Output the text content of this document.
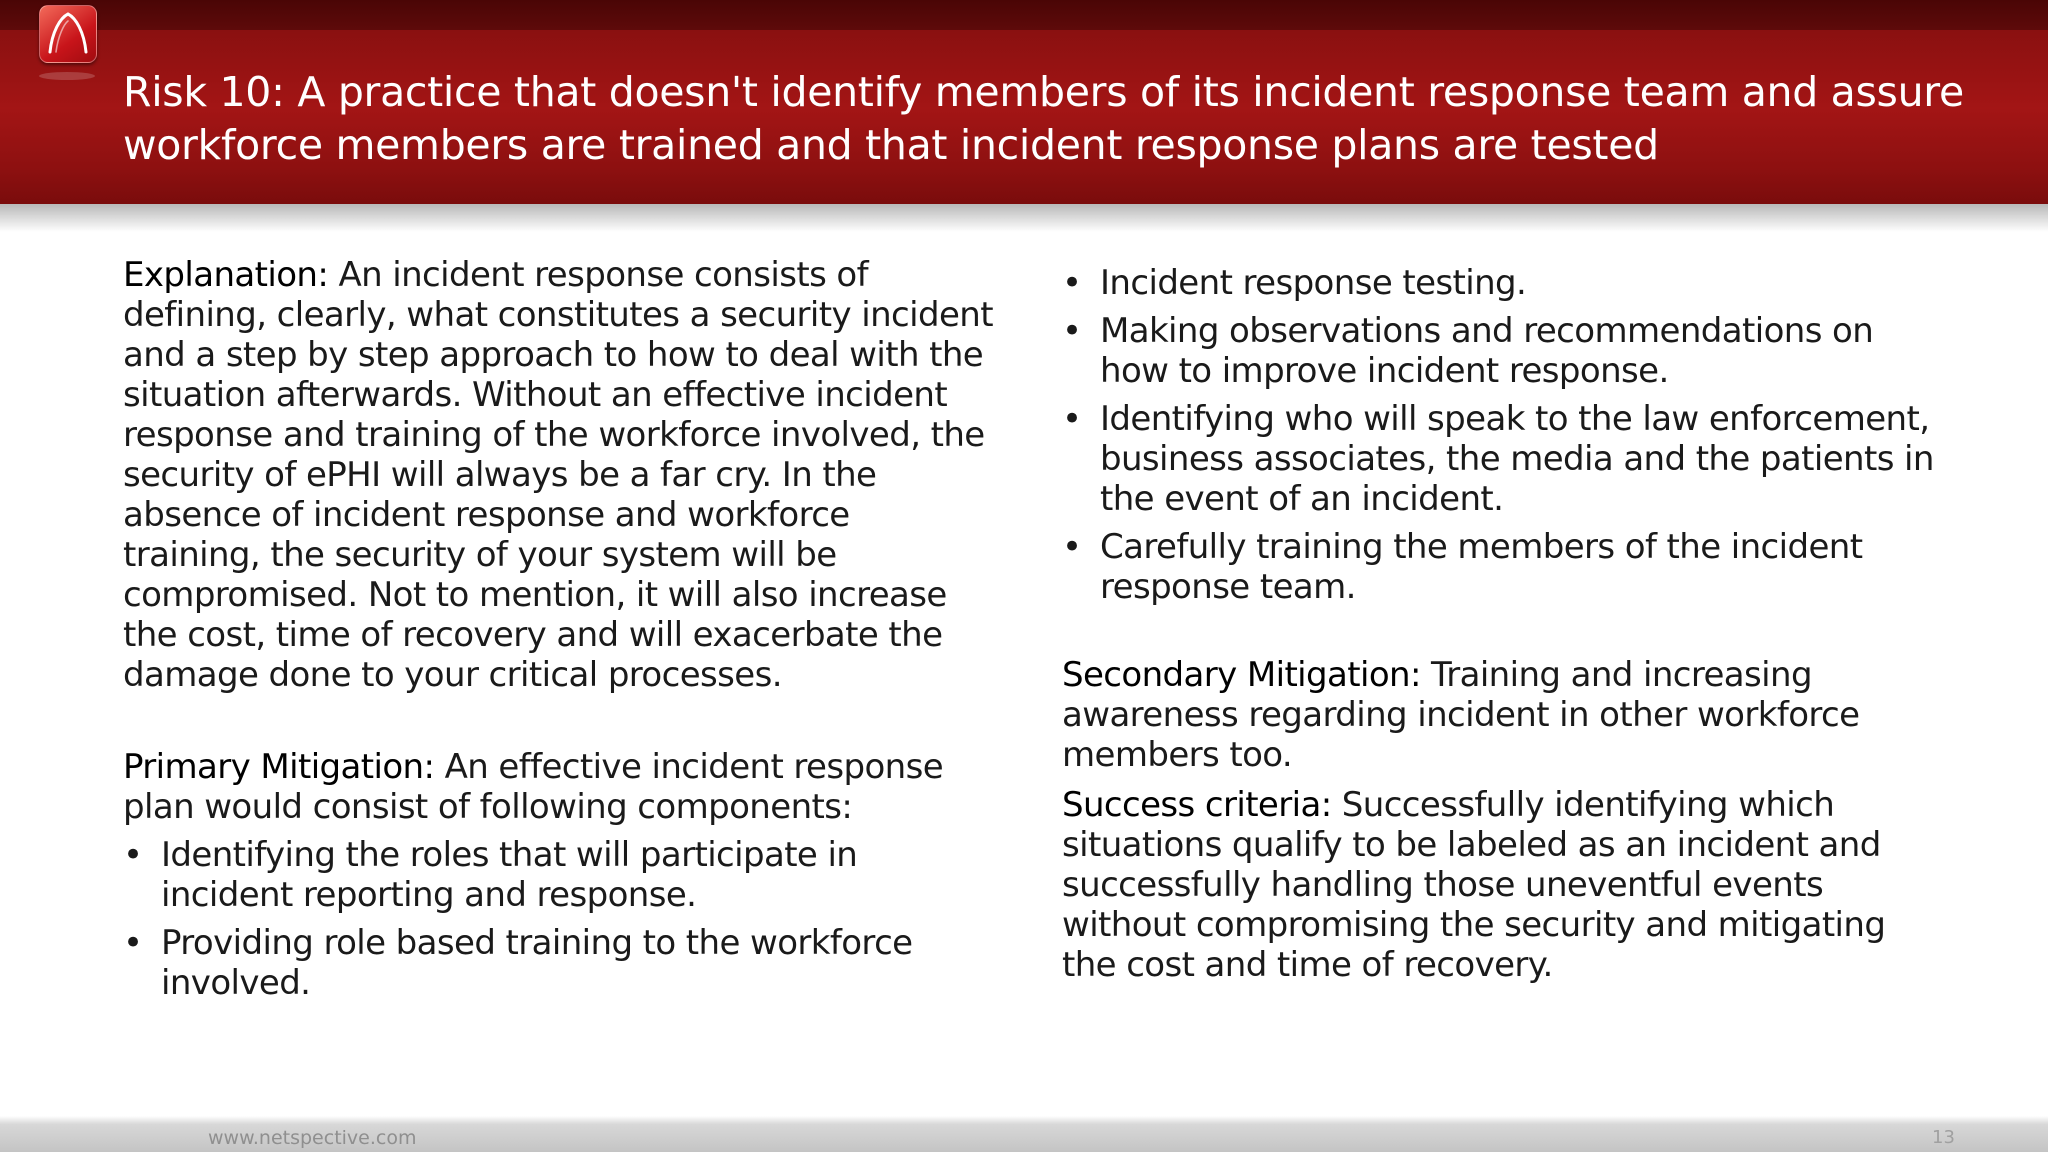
Risk 10: A practice that doesn't identify members of its incident response team and assure workforce members are trained and that incident response plans are tested

Explanation: An incident response consists of defining, clearly, what constitutes a security incident and a step by step approach to how to deal with the situation afterwards. Without an effective incident response and training of the workforce involved, the security of ePHI will always be a far cry. In the absence of incident response and workforce training, the security of your system will be compromised. Not to mention, it will also increase the cost, time of recovery and will exacerbate the damage done to your critical processes.

Primary Mitigation: An effective incident response plan would consist of following components:

• Identifying the roles that will participate in incident reporting and response.
• Providing role based training to the workforce involved.
• Incident response testing.
• Making observations and recommendations on how to improve incident response.
• Identifying who will speak to the law enforcement, business associates, the media and the patients in the event of an incident.
• Carefully training the members of the incident response team.

Secondary Mitigation: Training and increasing awareness regarding incident in other workforce members too.

Success criteria: Successfully identifying which situations qualify to be labeled as an incident and successfully handling those uneventful events without compromising the security and mitigating the cost and time of recovery.

www.netspective.com	13
